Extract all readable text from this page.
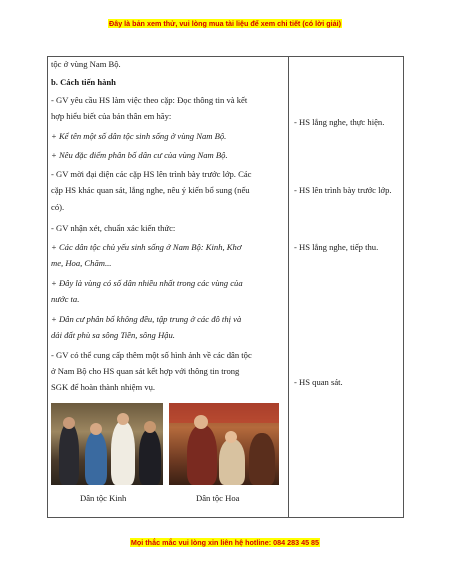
Đây là bản xem thử, vui lòng mua tài liệu để xem chi tiết (có lời giải)
tộc ở vùng Nam Bộ.
b. Cách tiến hành
- GV yêu cầu HS làm việc theo cặp: Đọc thông tin và kết
hợp hiểu biết của bản thân em hãy:
+ Kể tên một số dân tộc sinh sống ở vùng Nam Bộ.
+ Nêu đặc điểm phân bố dân cư của vùng Nam Bộ.
- GV mời đại diện các cặp HS lên trình bày trước lớp. Các
cặp HS khác quan sát, lắng nghe, nêu ý kiến bổ sung (nếu
có).
- GV nhận xét, chuẩn xác kiến thức:
+ Các dân tộc chủ yếu sinh sống ở Nam Bộ: Kinh, Khơ
me, Hoa, Chăm...
+ Đây là vùng có số dân nhiều nhất trong các vùng của
nước ta.
+ Dân cư phân bố không đều, tập trung ở các đô thị và
dải đất phù sa sông Tiền, sông Hậu.
- GV có thể cung cấp thêm một số hình ảnh về các dân tộc
ở Nam Bộ cho HS quan sát kết hợp với thông tin trong
SGK để hoàn thành nhiệm vụ.
- HS lắng nghe, thực hiện.
- HS lên trình bày trước lớp.
- HS lắng nghe, tiếp thu.
- HS quan sát.
Dân tộc Kinh	Dân tộc Hoa
Mọi thắc mắc vui lòng xin liên hệ hotline: 084 283 45 85
